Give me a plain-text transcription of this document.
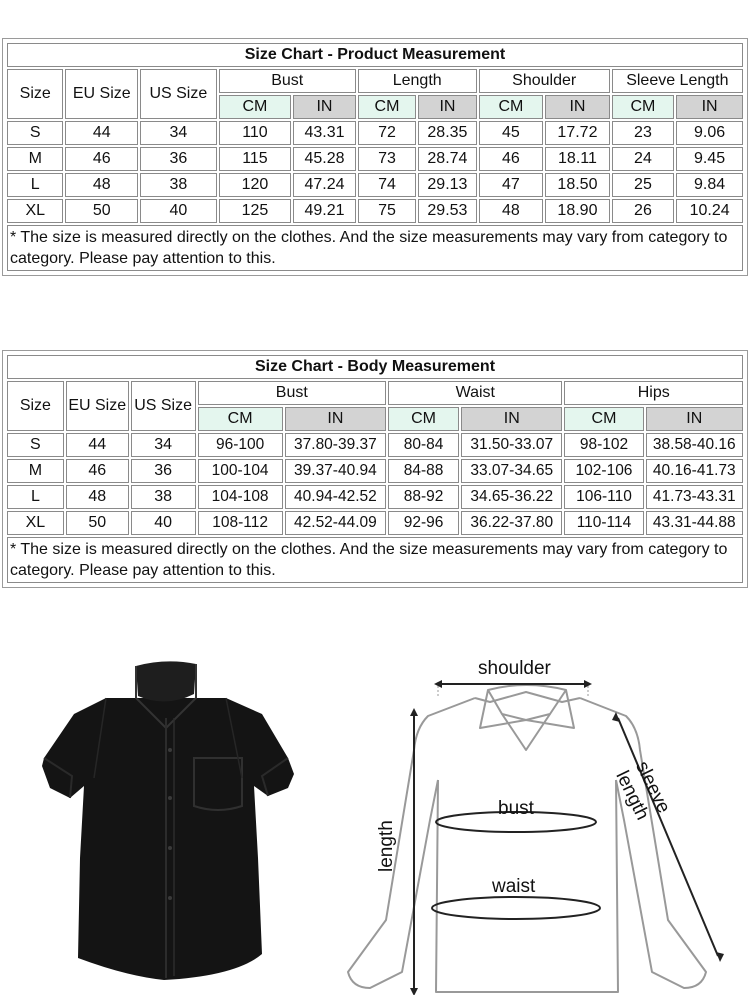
Size Chart - Product Measurement										
Size	EU Size	US Size	Bust		Length		Shoulder		Sleeve Length	
			CM	IN	CM	IN	CM	IN	CM	IN
S	44	34	110	43.31	72	28.35	45	17.72	23	9.06
M	46	36	115	45.28	73	28.74	46	18.11	24	9.45
L	48	38	120	47.24	74	29.13	47	18.50	25	9.84
XL	50	40	125	49.21	75	29.53	48	18.90	26	10.24
* The size is measured directly on the clothes. And the size measurements may vary from category to category. Please pay attention to this.										
Size Chart - Body Measurement								
Size	EU Size	US Size	Bust		Waist		Hips	
			CM	IN	CM	IN	CM	IN
S	44	34	96-100	37.80-39.37	80-84	31.50-33.07	98-102	38.58-40.16
M	46	36	100-104	39.37-40.94	84-88	33.07-34.65	102-106	40.16-41.73
L	48	38	104-108	40.94-42.52	88-92	34.65-36.22	106-110	41.73-43.31
XL	50	40	108-112	42.52-44.09	92-96	36.22-37.80	110-114	43.31-44.88
* The size is measured directly on the clothes. And the size measurements may vary from category to category. Please pay attention to this.								
shoulder
bust
waist
length
sleeve length
